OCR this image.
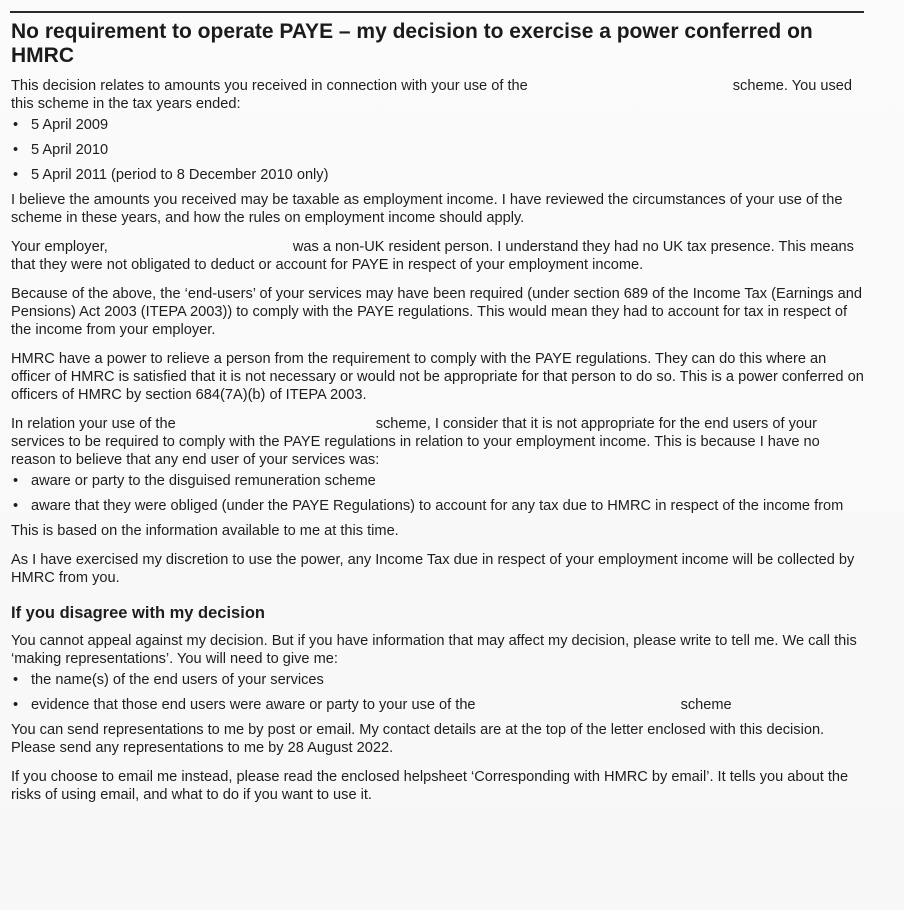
No requirement to operate PAYE – my decision to exercise a power conferred on HMRC

This decision relates to amounts you received in connection with your use of the	scheme. You used this scheme in the tax years ended:

• 5 April 2009
• 5 April 2010
• 5 April 2011 (period to 8 December 2010 only)

I believe the amounts you received may be taxable as employment income. I have reviewed the circumstances of your use of the scheme in these years, and how the rules on employment income should apply.

Your employer,	was a non-UK resident person. I understand they had no UK tax presence. This means that they were not obligated to deduct or account for PAYE in respect of your employment income.

Because of the above, the ‘end-users’ of your services may have been required (under section 689 of the Income Tax (Earnings and Pensions) Act 2003 (ITEPA 2003)) to comply with the PAYE regulations. This would mean they had to account for tax in respect of the income from your employer.

HMRC have a power to relieve a person from the requirement to comply with the PAYE regulations. They can do this where an officer of HMRC is satisfied that it is not necessary or would not be appropriate for that person to do so. This is a power conferred on officers of HMRC by section 684(7A)(b) of ITEPA 2003.

In relation your use of the	scheme, I consider that it is not appropriate for the end users of your services to be required to comply with the PAYE regulations in relation to your employment income. This is because I have no reason to believe that any end user of your services was:

• aware or party to the disguised remuneration scheme
• aware that they were obliged (under the PAYE Regulations) to account for any tax due to HMRC in respect of the income from

This is based on the information available to me at this time.

As I have exercised my discretion to use the power, any Income Tax due in respect of your employment income will be collected by HMRC from you.

If you disagree with my decision

You cannot appeal against my decision. But if you have information that may affect my decision, please write to tell me. We call this ‘making representations’. You will need to give me:

• the name(s) of the end users of your services
• evidence that those end users were aware or party to your use of the	scheme

You can send representations to me by post or email. My contact details are at the top of the letter enclosed with this decision. Please send any representations to me by 28 August 2022.

If you choose to email me instead, please read the enclosed helpsheet ‘Corresponding with HMRC by email’. It tells you about the risks of using email, and what to do if you want to use it.
